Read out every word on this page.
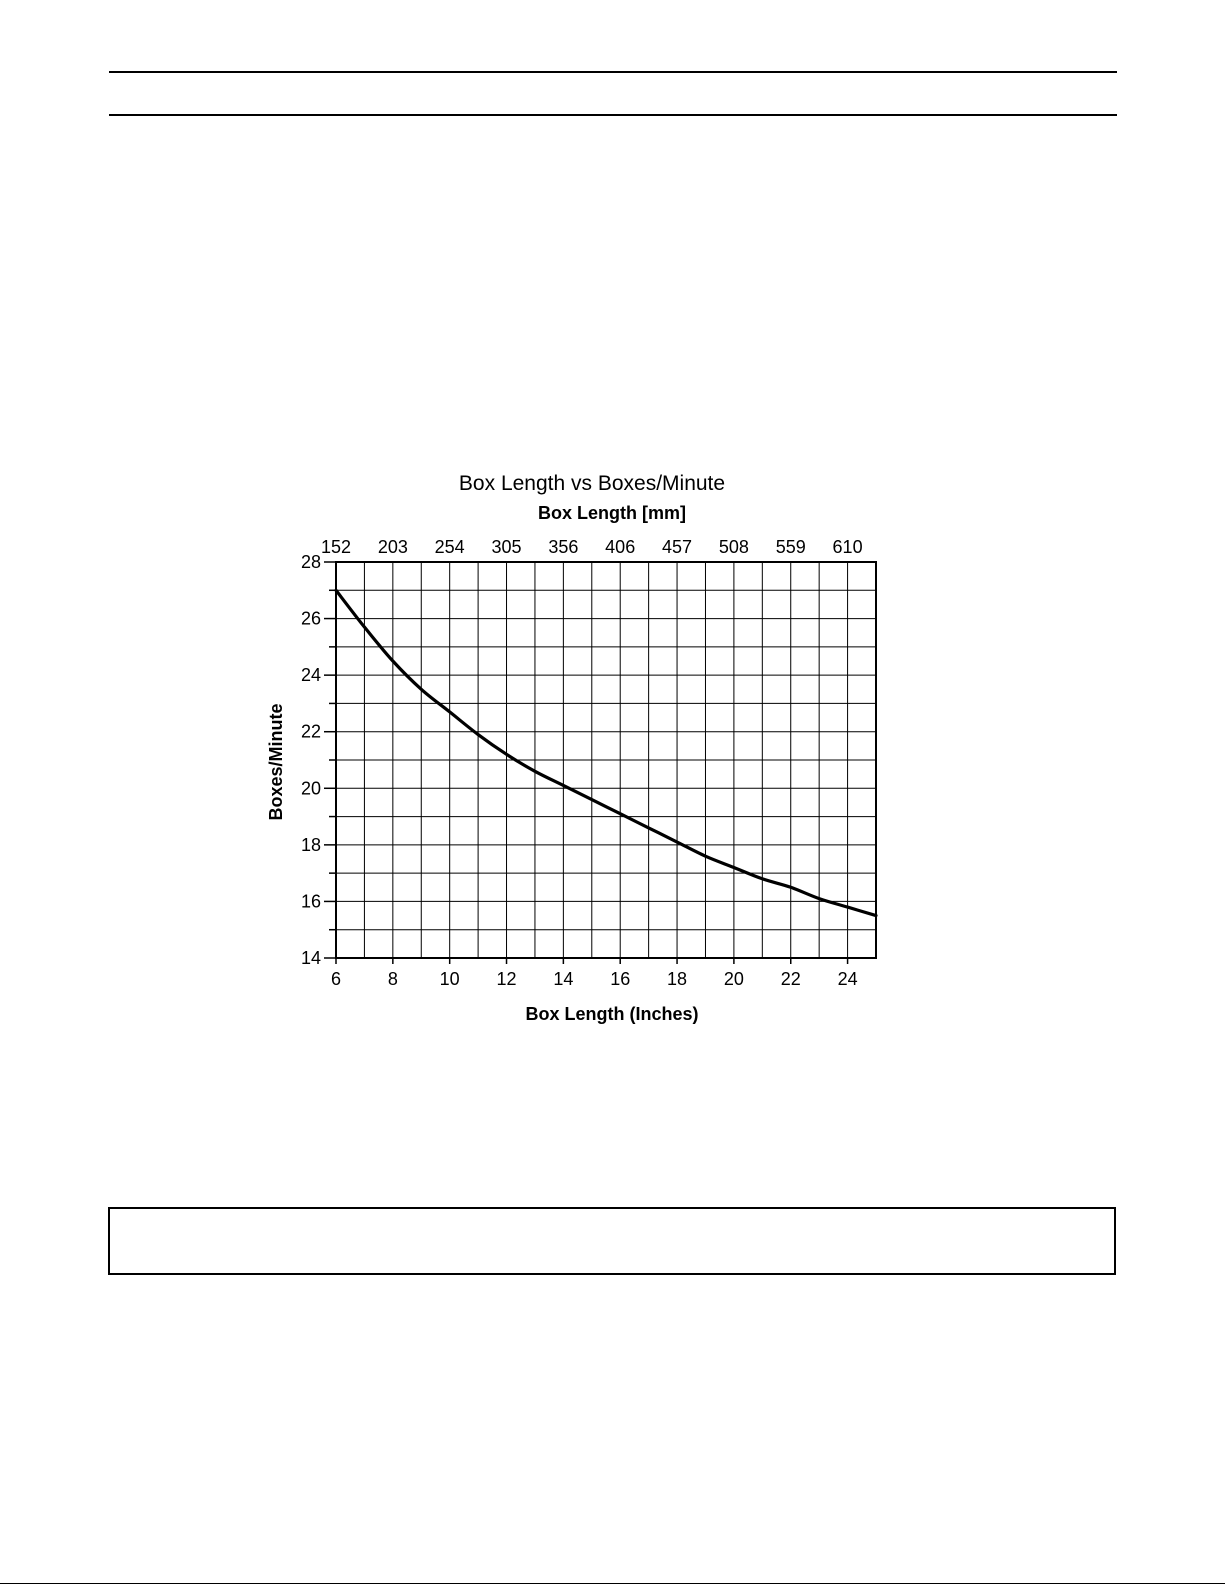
Box Length vs Boxes/Minute
Box Length [mm]
Box Length (Inches)
Boxes/Minute
14
16
18
20
22
24
26
28
6	8 10 12 14 16 18 20 22 24
152 203 254 305 356 406 457 508 559 610
